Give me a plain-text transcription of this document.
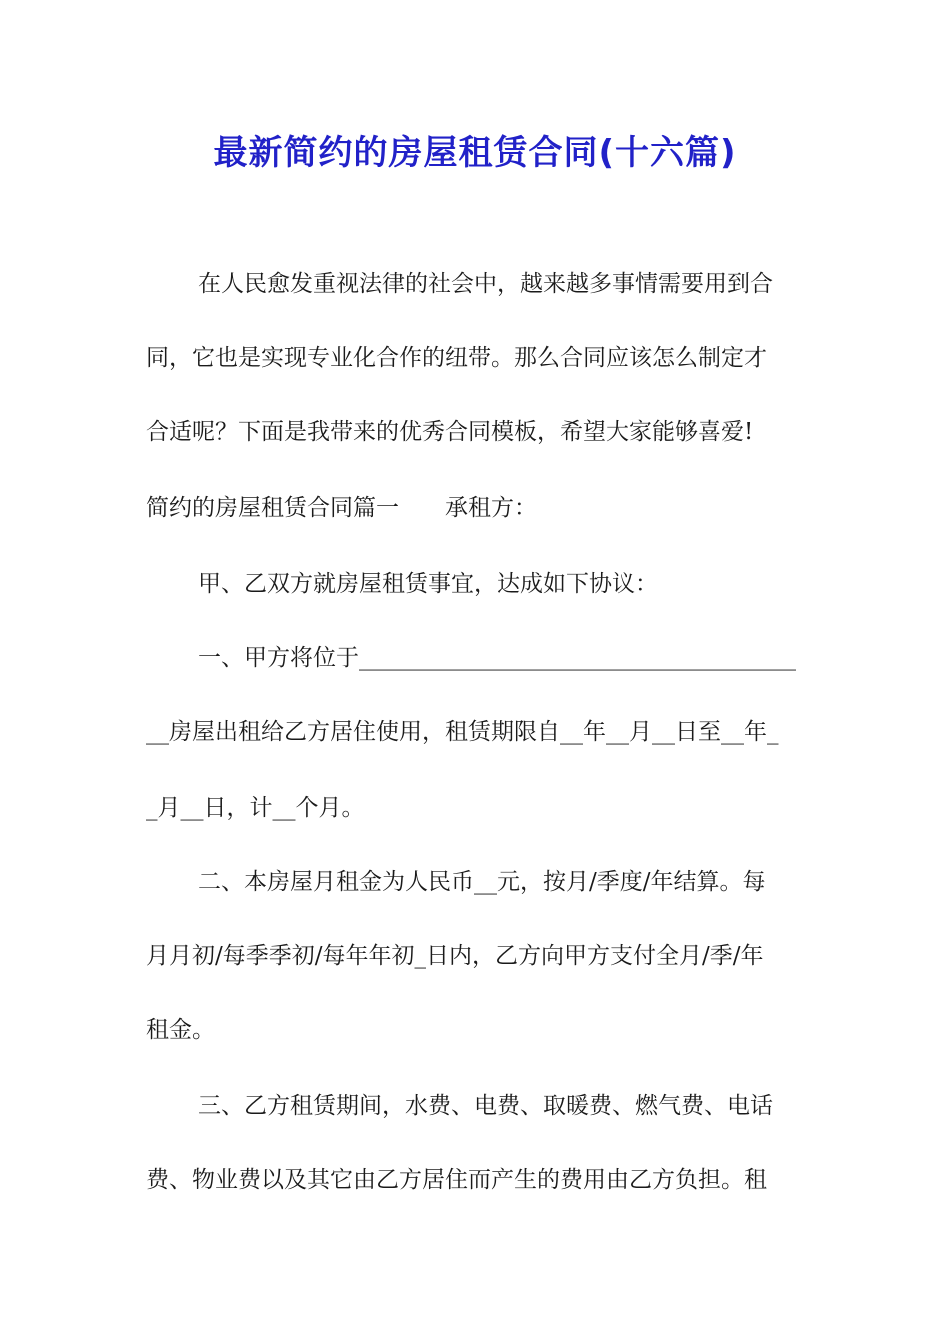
最新简约的房屋租赁合同(十六篇)
在人民愈发重视法律的社会中，越来越多事情需要用到合
同，它也是实现专业化合作的纽带。那么合同应该怎么制定才
合适呢？下面是我带来的优秀合同模板，希望大家能够喜爱!
简约的房屋租赁合同篇一　　承租方：
甲、乙双方就房屋租赁事宜，达成如下协议：
一、甲方将位于______________________________________
__房屋出租给乙方居住使用，租赁期限自__年__月__日至__年_
_月__日，计__个月。
二、本房屋月租金为人民币__元，按月/季度/年结算。每
月月初/每季季初/每年年初_日内，乙方向甲方支付全月/季/年
租金。
三、乙方租赁期间，水费、电费、取暖费、燃气费、电话
费、物业费以及其它由乙方居住而产生的费用由乙方负担。租
